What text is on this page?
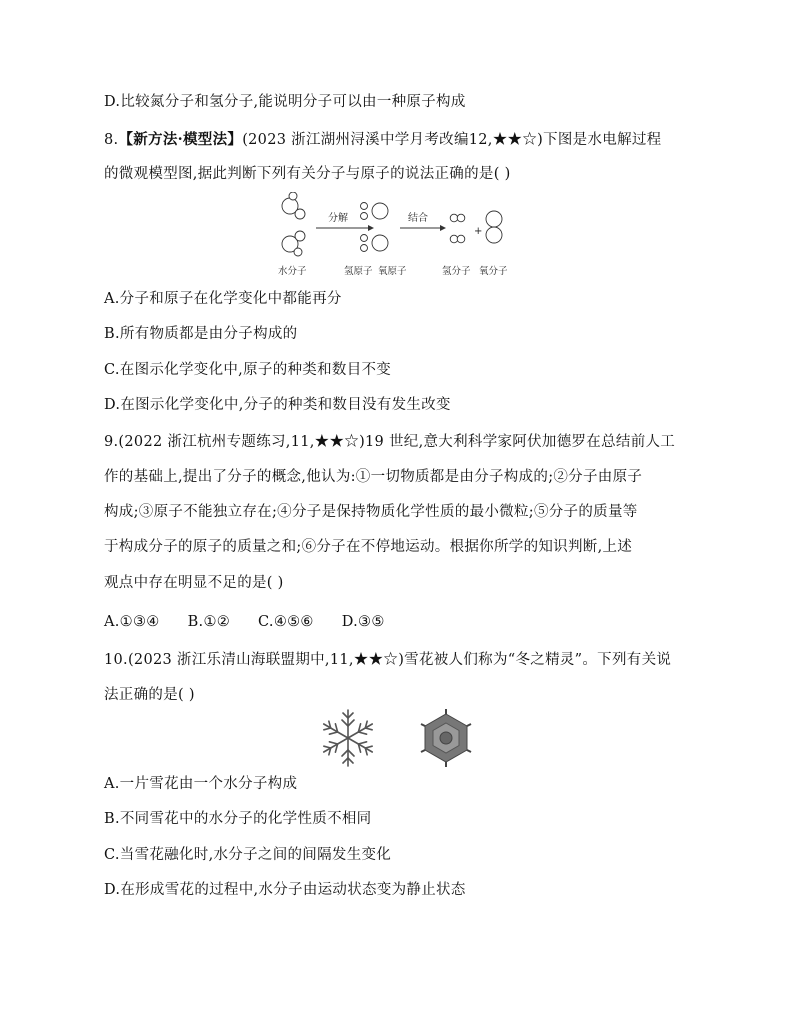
D.比较氮分子和氢分子,能说明分子可以由一种原子构成
8.【新方法·模型法】(2023 浙江湖州浔溪中学月考改编12,★★☆)下图是水电解过程
的微观模型图,据此判断下列有关分子与原子的说法正确的是( )
分解	结合
+
水分子	氢原子 氧原子	氢分子 氧分子
A.分子和原子在化学变化中都能再分
B.所有物质都是由分子构成的
C.在图示化学变化中,原子的种类和数目不变
D.在图示化学变化中,分子的种类和数目没有发生改变
9.(2022 浙江杭州专题练习,11,★★☆)19 世纪,意大利科学家阿伏加德罗在总结前人工
作的基础上,提出了分子的概念,他认为:①一切物质都是由分子构成的;②分子由原子
构成;③原子不能独立存在;④分子是保持物质化学性质的最小微粒;⑤分子的质量等
于构成分子的原子的质量之和;⑥分子在不停地运动。根据你所学的知识判断,上述
观点中存在明显不足的是( )
A.①③④ B.①② C.④⑤⑥ D.③⑤
10.(2023 浙江乐清山海联盟期中,11,★★☆)雪花被人们称为“冬之精灵”。下列有关说
法正确的是( )
A.一片雪花由一个水分子构成
B.不同雪花中的水分子的化学性质不相同
C.当雪花融化时,水分子之间的间隔发生变化
D.在形成雪花的过程中,水分子由运动状态变为静止状态
